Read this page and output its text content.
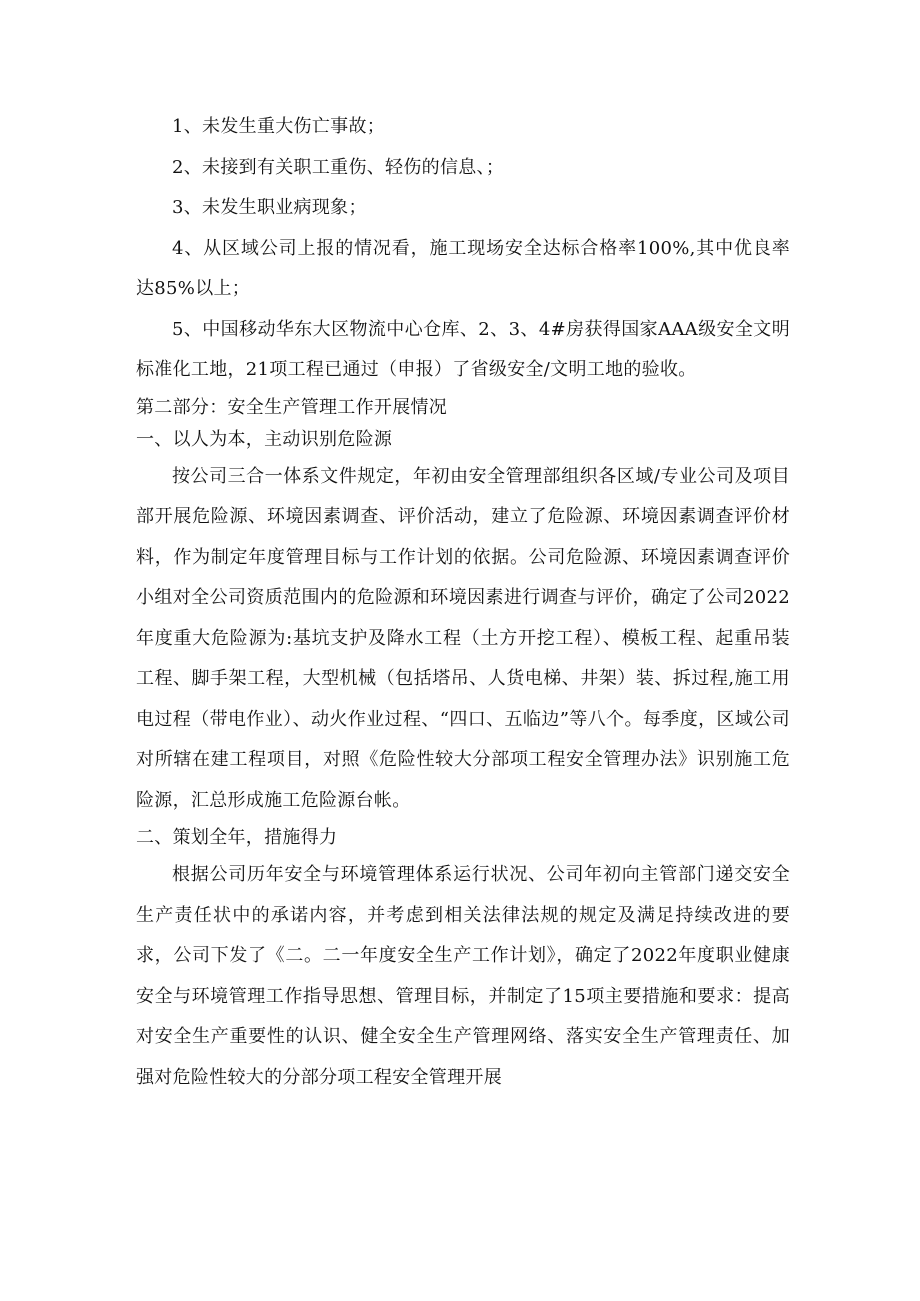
1、未发生重大伤亡事故；

2、未接到有关职工重伤、轻伤的信息、；

3、未发生职业病现象；

4、从区域公司上报的情况看，施工现场安全达标合格率100%,其中优良率达85%以上；

5、中国移动华东大区物流中心仓库、2、3、4#房获得国家AAA级安全文明标准化工地，21项工程已通过（申报）了省级安全/文明工地的验收。

第二部分：安全生产管理工作开展情况

一、以人为本，主动识别危险源

按公司三合一体系文件规定，年初由安全管理部组织各区域/专业公司及项目部开展危险源、环境因素调查、评价活动，建立了危险源、环境因素调查评价材料，作为制定年度管理目标与工作计划的依据。公司危险源、环境因素调查评价小组对全公司资质范围内的危险源和环境因素进行调查与评价，确定了公司2022年度重大危险源为:基坑支护及降水工程（土方开挖工程）、模板工程、起重吊装工程、脚手架工程，大型机械（包括塔吊、人货电梯、井架）装、拆过程,施工用电过程（带电作业）、动火作业过程、“四口、五临边”等八个。每季度，区域公司对所辖在建工程项目，对照《危险性较大分部项工程安全管理办法》识别施工危险源，汇总形成施工危险源台帐。

二、策划全年，措施得力

根据公司历年安全与环境管理体系运行状况、公司年初向主管部门递交安全生产责任状中的承诺内容，并考虑到相关法律法规的规定及满足持续改进的要求，公司下发了《二。二一年度安全生产工作计划》，确定了2022年度职业健康安全与环境管理工作指导思想、管理目标，并制定了15项主要措施和要求：提高对安全生产重要性的认识、健全安全生产管理网络、落实安全生产管理责任、加强对危险性较大的分部分项工程安全管理开展
